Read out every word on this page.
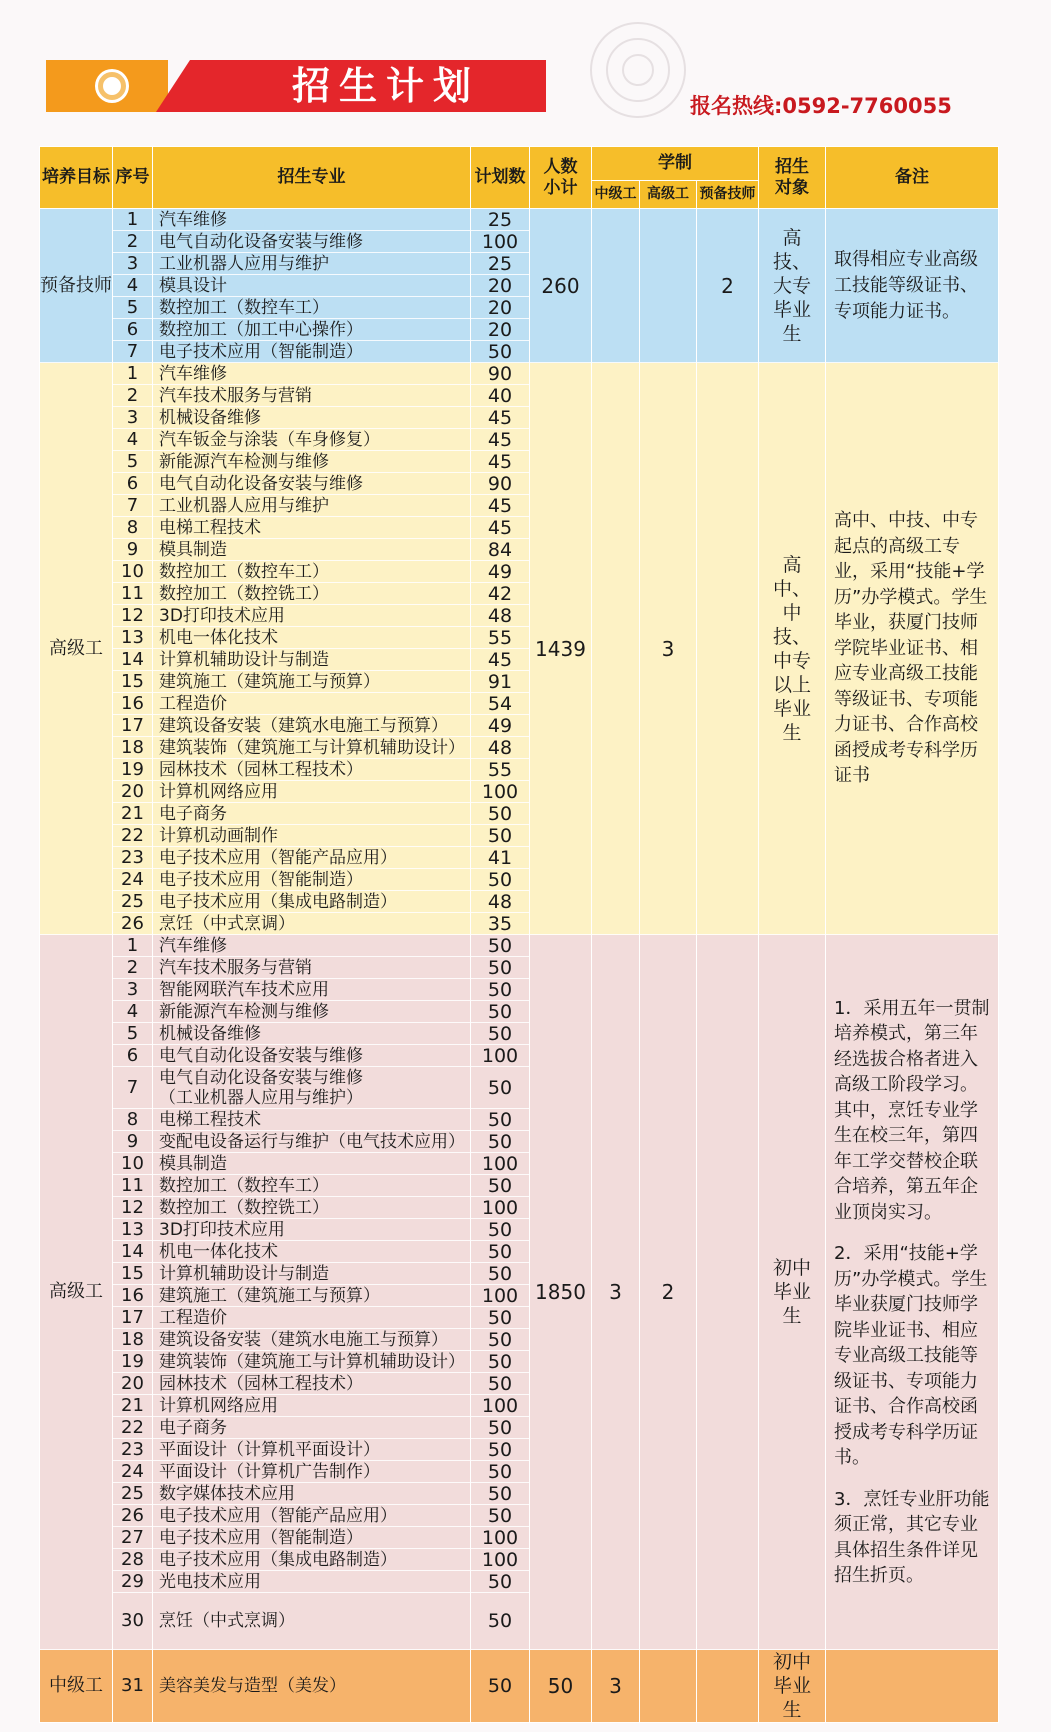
招生计划	报名热线:0592-7760055
培养目标	序号	招生专业	计划数	人数小计	学制			招生对象	备注
					中级工	高级工	预备技师		
预备技师	1	汽车维修	25	260			2	高技、大专毕业生	取得相应专业高级工技能等级证书、专项能力证书。

	2	电气自动化设备安装与维修	100						
	3	工业机器人应用与维护	25						
	4	模具设计	20						
	5	数控加工（数控车工）	20						
	6	数控加工（加工中心操作）	20						
	7	电子技术应用（智能制造）	50						
高级工	1	汽车维修	90	1439		3		高中、中技、中专以上毕业生	高中、中技、中专起点的高级工专业，采用“技能+学历”办学模式。学生毕业，获厦门技师学院毕业证书、相应专业高级工技能等级证书、专项能力证书、合作高校函授成考专科学历证书

	2	汽车技术服务与营销	40						
	3	机械设备维修	45						
	4	汽车钣金与涂装（车身修复）	45						
	5	新能源汽车检测与维修	45						
	6	电气自动化设备安装与维修	90						
	7	工业机器人应用与维护	45						
	8	电梯工程技术	45						
	9	模具制造	84						
	10	数控加工（数控车工）	49						
	11	数控加工（数控铣工）	42						
	12	3D打印技术应用	48						
	13	机电一体化技术	55						
	14	计算机辅助设计与制造	45						
	15	建筑施工（建筑施工与预算）	91						
	16	工程造价	54						
	17	建筑设备安装（建筑水电施工与预算）	49						
	18	建筑装饰（建筑施工与计算机辅助设计）	48						
	19	园林技术（园林工程技术）	55						
	20	计算机网络应用	100						
	21	电子商务	50						
	22	计算机动画制作	50						
	23	电子技术应用（智能产品应用）	41						
	24	电子技术应用（智能制造）	50						
	25	电子技术应用（集成电路制造）	48						
	26	烹饪（中式烹调）	35						
高级工	1	汽车维修	50	1850	3	2		初中毕业生	1．采用五年一贯制培养模式，第三年经选拔合格者进入高级工阶段学习。其中，烹饪专业学生在校三年，第四年工学交替校企联合培养，第五年企业顶岗实习。

2．采用“技能+学历”办学模式。学生毕业获厦门技师学院毕业证书、相应专业高级工技能等级证书、专项能力证书、合作高校函授成考专科学历证书。

3．烹饪专业肝功能须正常，其它专业具体招生条件详见招生折页。

	2	汽车技术服务与营销	50						
	3	智能网联汽车技术应用	50						
	4	新能源汽车检测与维修	50						
	5	机械设备维修	50						
	6	电气自动化设备安装与维修	100						
	7	电气自动化设备安装与维修
（工业机器人应用与维护）	50						
	8	电梯工程技术	50						
	9	变配电设备运行与维护（电气技术应用）	50						
	10	模具制造	100						
	11	数控加工（数控车工）	50						
	12	数控加工（数控铣工）	100						
	13	3D打印技术应用	50						
	14	机电一体化技术	50						
	15	计算机辅助设计与制造	50						
	16	建筑施工（建筑施工与预算）	100						
	17	工程造价	50						
	18	建筑设备安装（建筑水电施工与预算）	50						
	19	建筑装饰（建筑施工与计算机辅助设计）	50						
	20	园林技术（园林工程技术）	50						
	21	计算机网络应用	100						
	22	电子商务	50						
	23	平面设计（计算机平面设计）	50						
	24	平面设计（计算机广告制作）	50						
	25	数字媒体技术应用	50						
	26	电子技术应用（智能产品应用）	50						
	27	电子技术应用（智能制造）	100						
	28	电子技术应用（集成电路制造）	100						
	29	光电技术应用	50						
	30	烹饪（中式烹调）	50						
中级工	31	美容美发与造型（美发）	50	50	3			初中毕业生	
